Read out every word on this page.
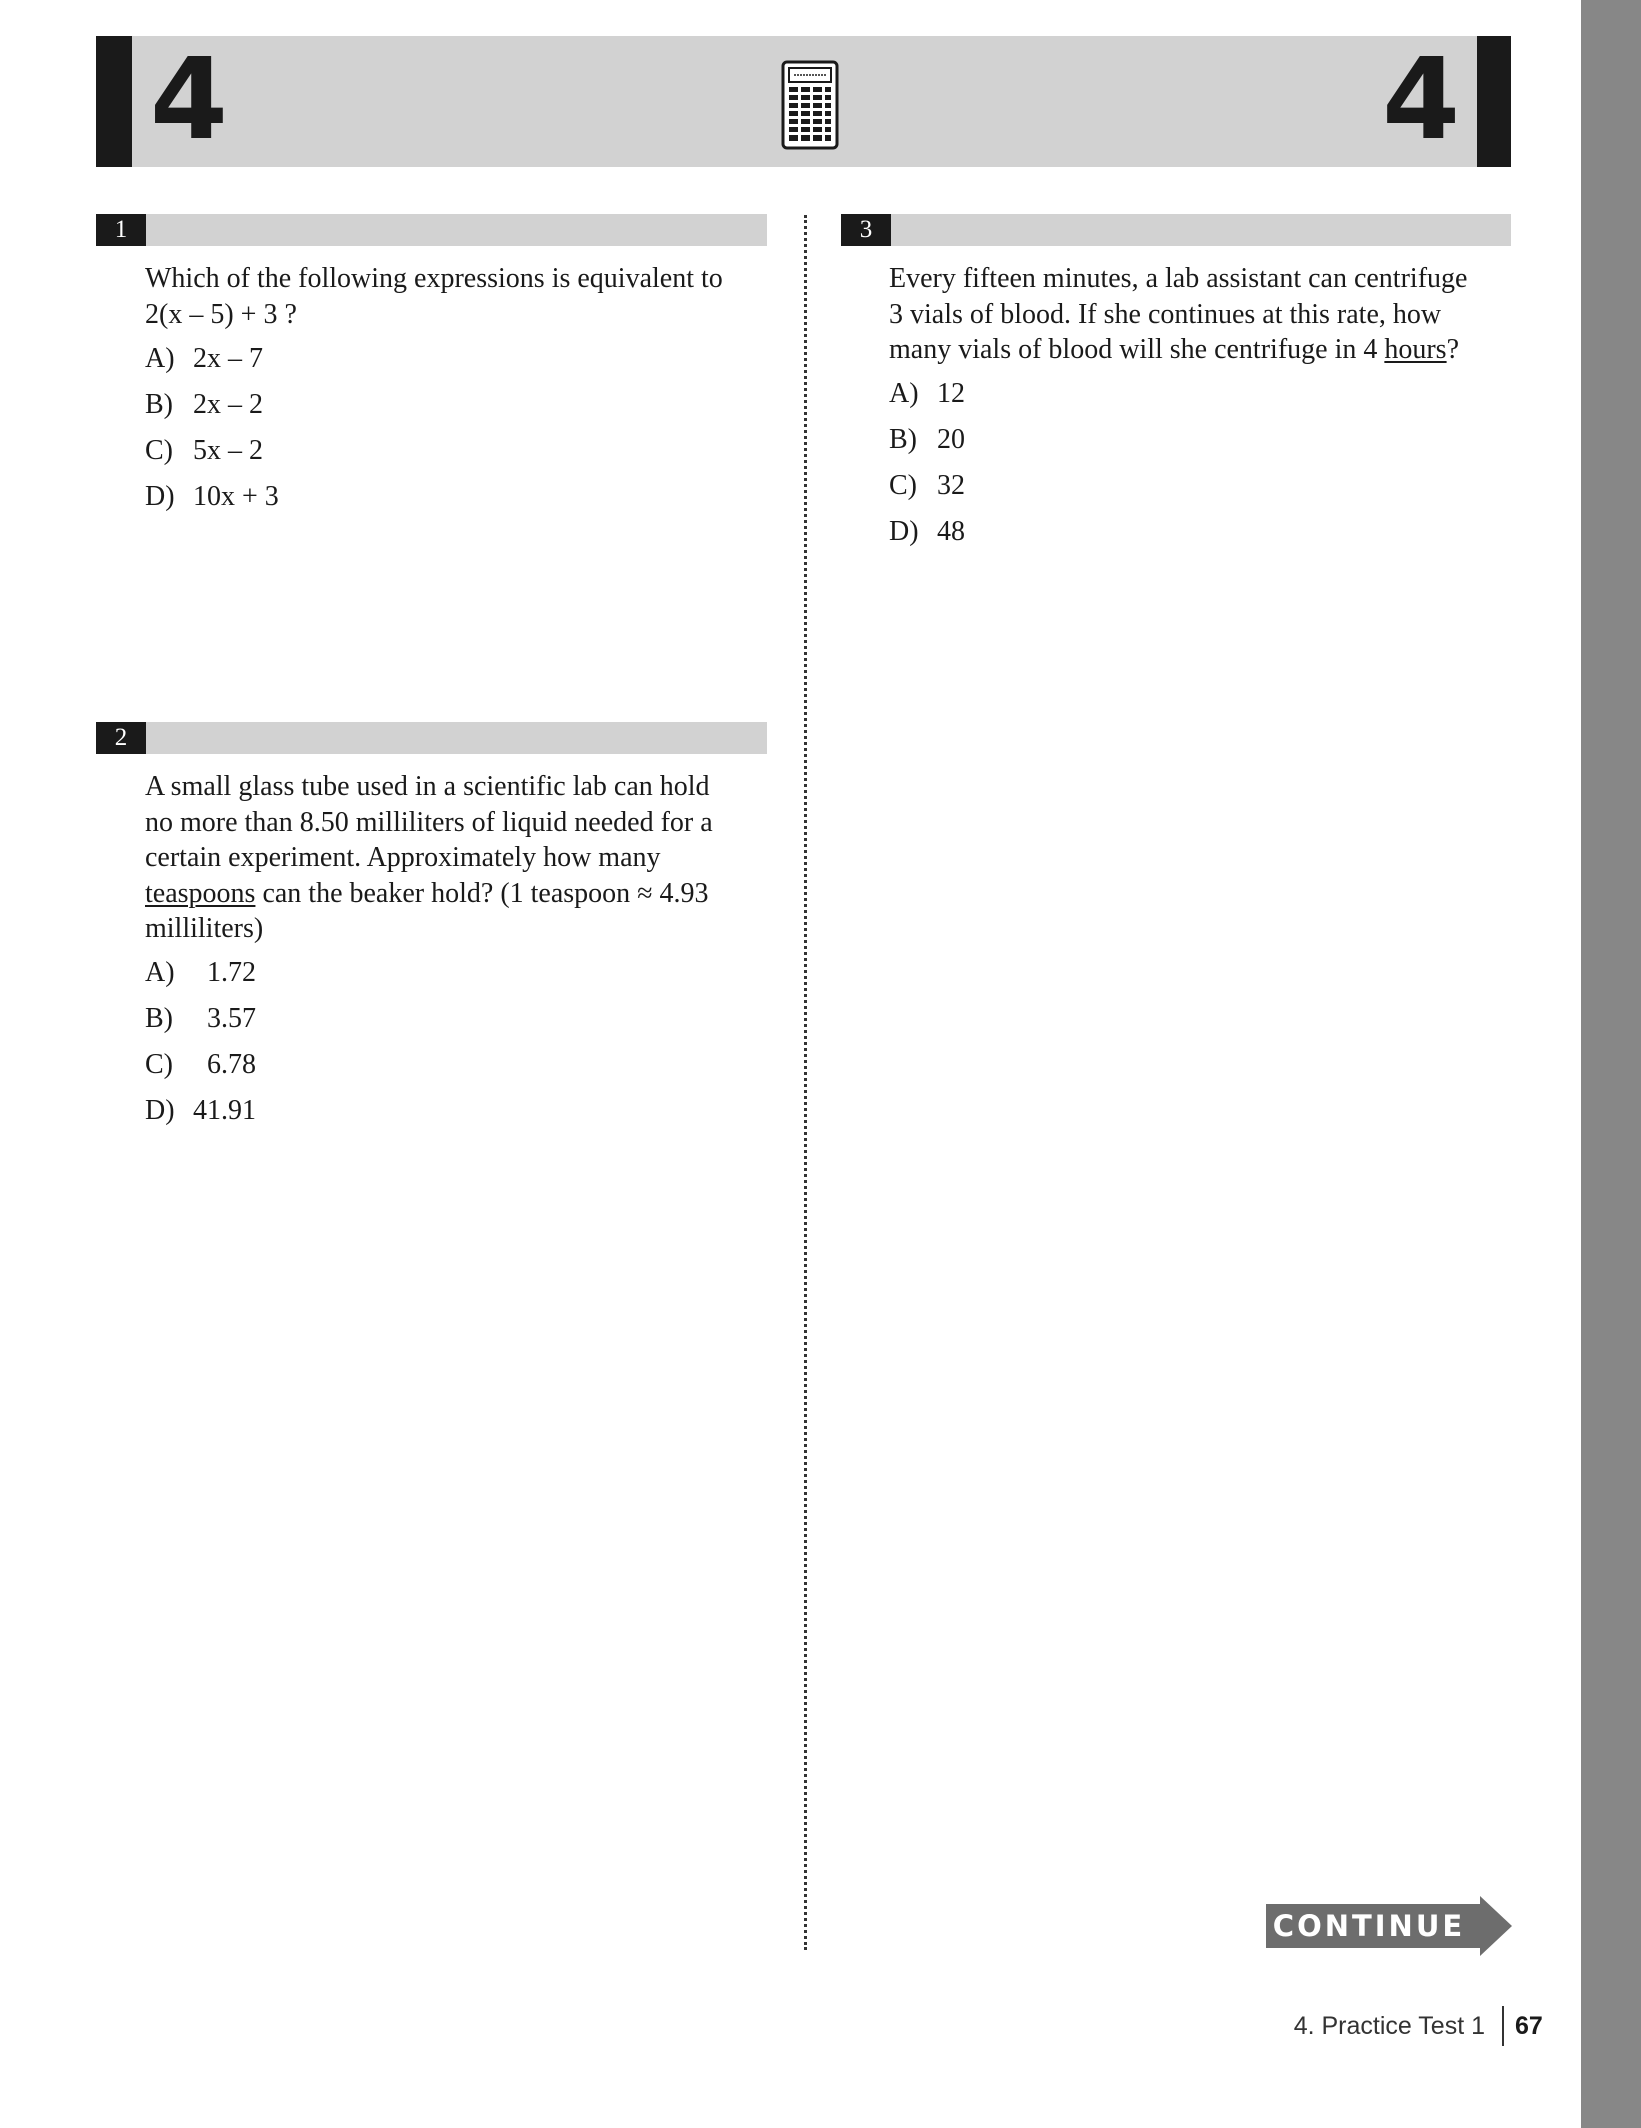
4	4
1
Which of the following expressions is equivalent to 2(x – 5) + 3 ?
A) 2x – 7
B) 2x – 2
C) 5x – 2
D) 10x + 3
2
A small glass tube used in a scientific lab can hold no more than 8.50 milliliters of liquid needed for a certain experiment. Approximately how many teaspoons can the beaker hold? (1 teaspoon ≈ 4.93 milliliters)
A) 1.72
B) 3.57
C) 6.78
D) 41.91
3
Every fifteen minutes, a lab assistant can centrifuge 3 vials of blood. If she continues at this rate, how many vials of blood will she centrifuge in 4 hours?
A) 12
B) 20
C) 32
D) 48
CONTINUE
4. Practice Test 1 67
